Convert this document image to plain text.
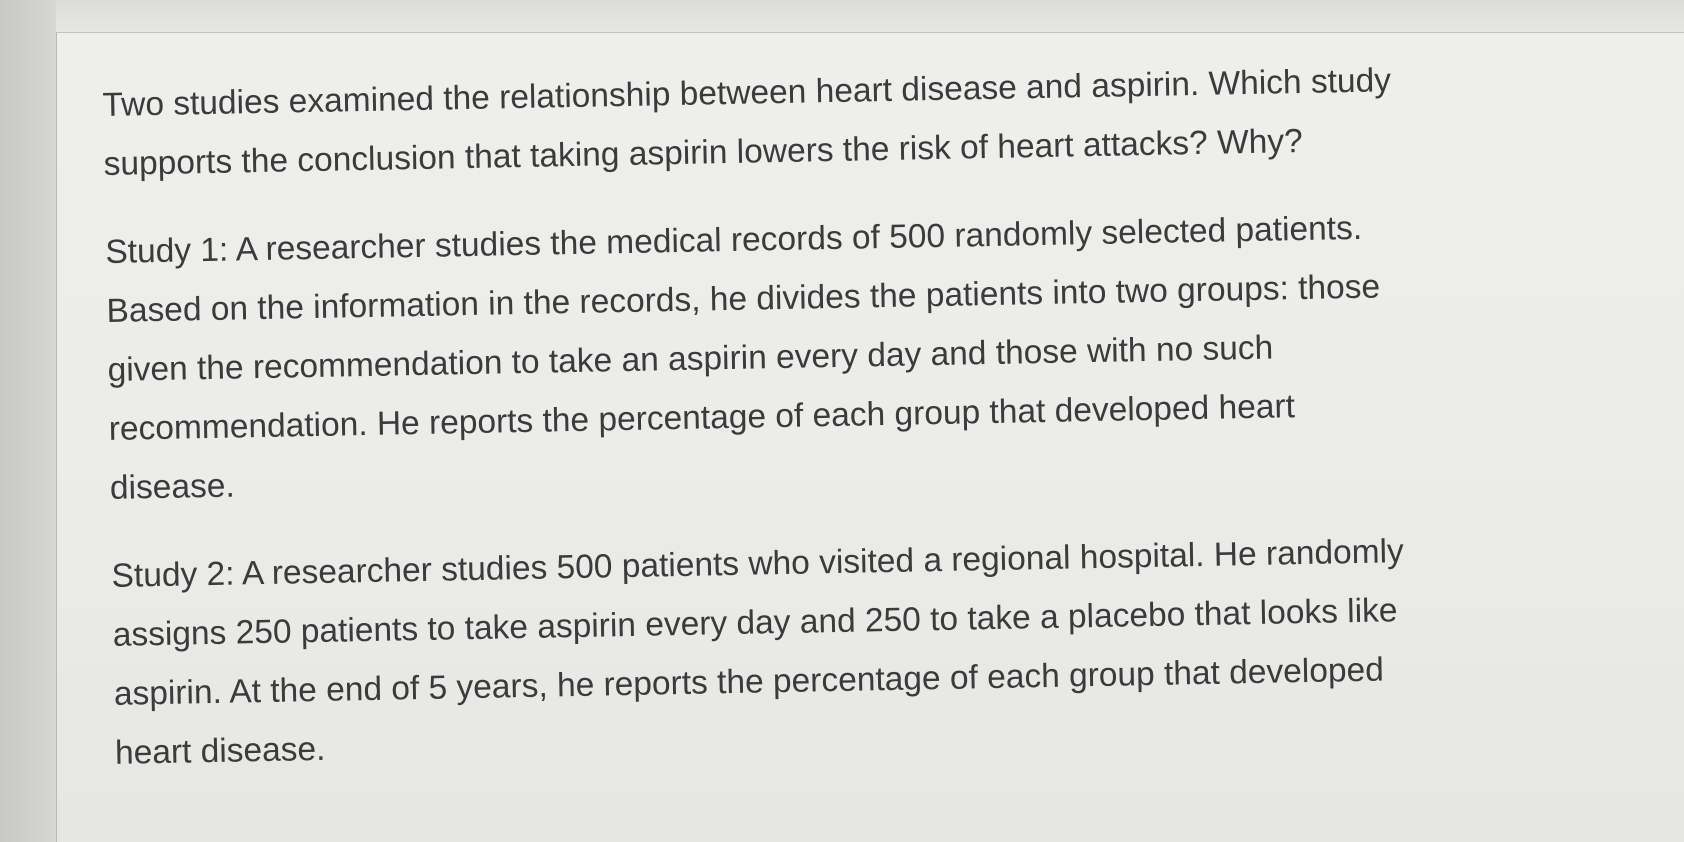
Two studies examined the relationship between heart disease and aspirin. Which study
supports the conclusion that taking aspirin lowers the risk of heart attacks? Why?

Study 1: A researcher studies the medical records of 500 randomly selected patients.
Based on the information in the records, he divides the patients into two groups: those
given the recommendation to take an aspirin every day and those with no such
recommendation. He reports the percentage of each group that developed heart
disease.

Study 2: A researcher studies 500 patients who visited a regional hospital. He randomly
assigns 250 patients to take aspirin every day and 250 to take a placebo that looks like
aspirin. At the end of 5 years, he reports the percentage of each group that developed
heart disease.
